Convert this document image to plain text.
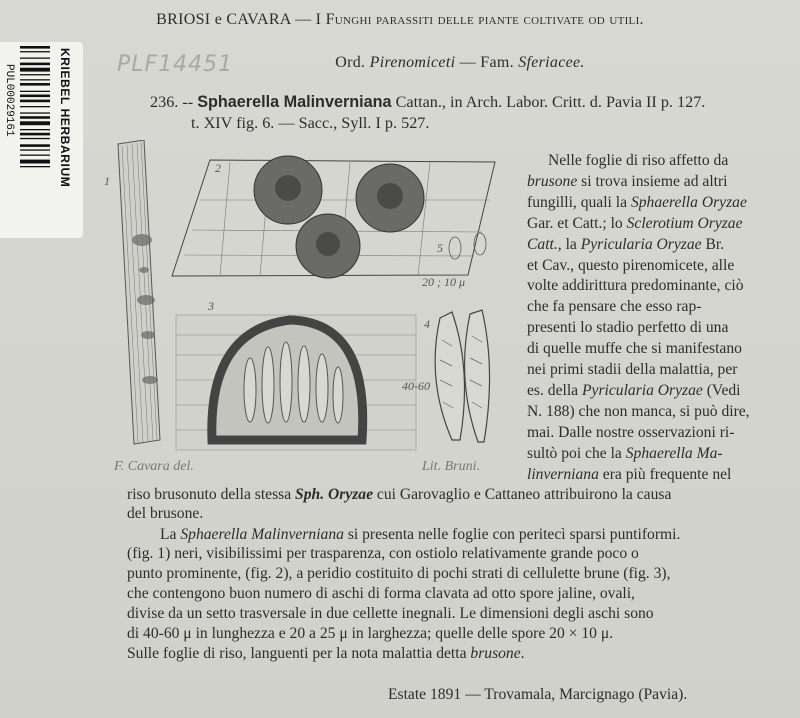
KRIEBEL HERBARIUM
PUL00029161	PLF14451
BRIOSI e CAVARA — I Funghi parassiti delle piante coltivate od utili.
Ord. Pirenomiceti — Fam. Sferiacee.
236. -- Sphaerella Malinverniana Cattan., in Arch. Labor. Critt. d. Pavia II p. 127.
t. XIV fig. 6. — Sacc., Syll. I p. 527.
1
2
5
20 ; 10 μ
3
4
40-60
F. Cavara del.	Lit. Bruni.
Nelle foglie di riso affetto da
brusone si trova insieme ad altri
fungilli, quali la Sphaerella Oryzae
Gar. et Catt.; lo Sclerotium Oryzae
Catt., la Pyricularia Oryzae Br.
et Cav., questo pirenomicete, alle
volte addirittura predominante, ciò
che fa pensare che esso rap-
presenti lo stadio perfetto di una
di quelle muffe che si manifestano
nei primi stadii della malattia, per
es. della Pyricularia Oryzae (Vedi
N. 188) che non manca, si può dire,
mai. Dalle nostre osservazioni ri-
sultò poi che la Sphaerella Ma-
linverniana era più frequente nel
riso brusonuto della stessa Sph. Oryzae cui Garovaglio e Cattaneo attribuirono la causa
del brusone.
La Sphaerella Malinverniana si presenta nelle foglie con peritecì sparsi puntiformi.
(fig. 1) neri, visibilissimi per trasparenza, con ostiolo relativamente grande poco o
punto prominente, (fig. 2), a peridio costituito di pochi strati di cellulette brune (fig. 3),
che contengono buon numero di aschi di forma clavata ad otto spore jaline, ovali,
divise da un setto trasversale in due cellette inegnali. Le dimensioni degli aschi sono
di 40-60 μ in lunghezza e 20 a 25 μ in larghezza; quelle delle spore 20 × 10 μ.
Sulle foglie di riso, languenti per la nota malattia detta brusone.
Estate 1891 — Trovamala, Marcignago (Pavia).
